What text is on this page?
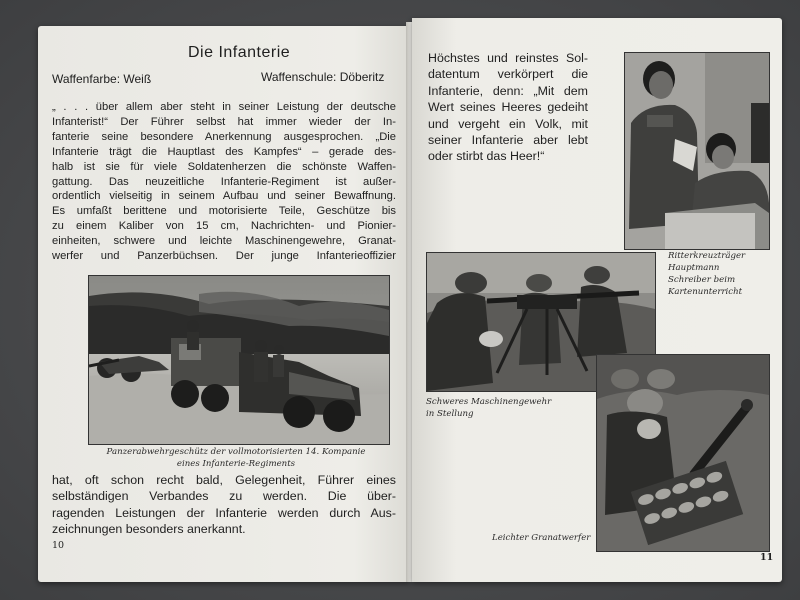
Die Infanterie
Waffenfarbe: Weiß	Waffenschule: Döberitz
„ . . . über allem aber steht in seiner Leistung der deutsche
Infanterist!“ Der Führer selbst hat immer wieder der In-
fanterie seine besondere Anerkennung ausgesprochen. „Die
Infanterie trägt die Hauptlast des Kampfes“ – gerade des-
halb ist sie für viele Soldatenherzen die schönste Waffen-
gattung. Das neuzeitliche Infanterie-Regiment ist außer-
ordentlich vielseitig in seinem Aufbau und seiner Bewaffnung.
Es umfaßt berittene und motorisierte Teile, Geschütze bis
zu einem Kaliber von 15 cm, Nachrichten- und Pionier-
einheiten, schwere und leichte Maschinengewehre, Granat-
werfer und Panzerbüchsen. Der junge Infanterieoffizier
Panzerabwehrgeschütz der vollmotorisierten 14. Kompanie
eines Infanterie-Regiments
hat, oft schon recht bald, Gelegenheit, Führer eines
selbständigen Verbandes zu werden. Die über-
ragenden Leistungen der Infanterie werden durch Aus-
zeichnungen besonders anerkannt.
10
Höchstes und reinstes Sol-
datentum verkörpert die
Infanterie, denn: „Mit dem
Wert seines Heeres gedeiht
und vergeht ein Volk, mit
seiner Infanterie aber lebt
oder stirbt das Heer!“
Ritterkreuzträger
Hauptmann
Schreiber beim
Kartenunterricht
Schweres Maschinengewehr
in Stellung
Leichter Granatwerfer
11
